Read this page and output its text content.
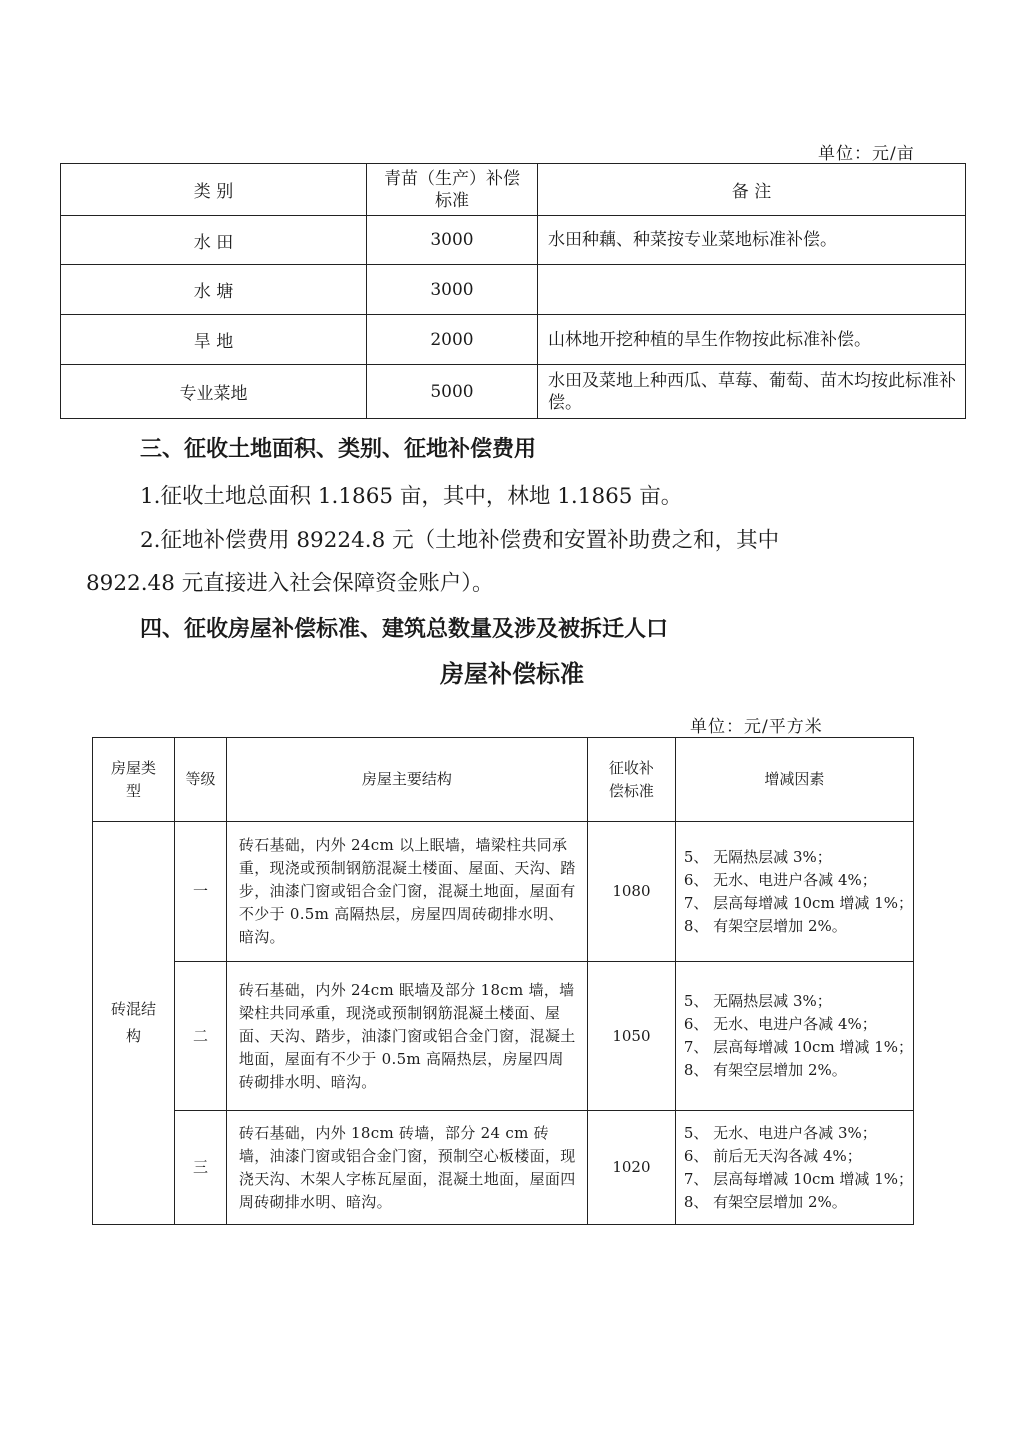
单位：元/亩
类 别	青苗（生产）补偿标准	备 注
水 田	3000	水田种藕、种菜按专业菜地标准补偿。
水 塘	3000	
旱 地	2000	山林地开挖种植的旱生作物按此标准补偿。
专业菜地	5000	水田及菜地上种西瓜、草莓、葡萄、苗木均按此标准补偿。
三、征收土地面积、类别、征地补偿费用
1.征收土地总面积 1.1865 亩，其中，林地 1.1865 亩。
2.征地补偿费用 89224.8 元（土地补偿费和安置补助费之和，其中
8922.48 元直接进入社会保障资金账户）。
四、征收房屋补偿标准、建筑总数量及涉及被拆迁人口
房屋补偿标准
单位：元/平方米
房屋类型	等级	房屋主要结构	征收补偿标准	增减因素

砖混结构	一	砖石基础，内外 24cm 以上眠墙，墙梁柱共同承重，现浇或预制钢筋混凝土楼面、屋面、天沟、踏步，油漆门窗或铝合金门窗，混凝土地面，屋面有不少于 0.5m 高隔热层，房屋四周砖砌排水明、暗沟。	1080	5、 无隔热层减 3%；
6、 无水、电进户各减 4%；
7、 层高每增减 10cm 增减 1%；
8、 有架空层增加 2%。

	二	砖石基础，内外 24cm 眠墙及部分 18cm 墙，墙梁柱共同承重，现浇或预制钢筋混凝土楼面、屋面、天沟、踏步，油漆门窗或铝合金门窗，混凝土地面，屋面有不少于 0.5m 高隔热层，房屋四周砖砌排水明、暗沟。	1050	5、 无隔热层减 3%；
6、 无水、电进户各减 4%；
7、 层高每增减 10cm 增减 1%；
8、 有架空层增加 2%。

	三	砖石基础，内外 18cm 砖墙，部分 24 cm 砖墙，油漆门窗或铝合金门窗，预制空心板楼面，现浇天沟、木架人字栋瓦屋面，混凝土地面，屋面四周砖砌排水明、暗沟。	1020	5、 无水、电进户各减 3%；
6、 前后无天沟各减 4%；
7、 层高每增减 10cm 增减 1%；
8、 有架空层增加 2%。
